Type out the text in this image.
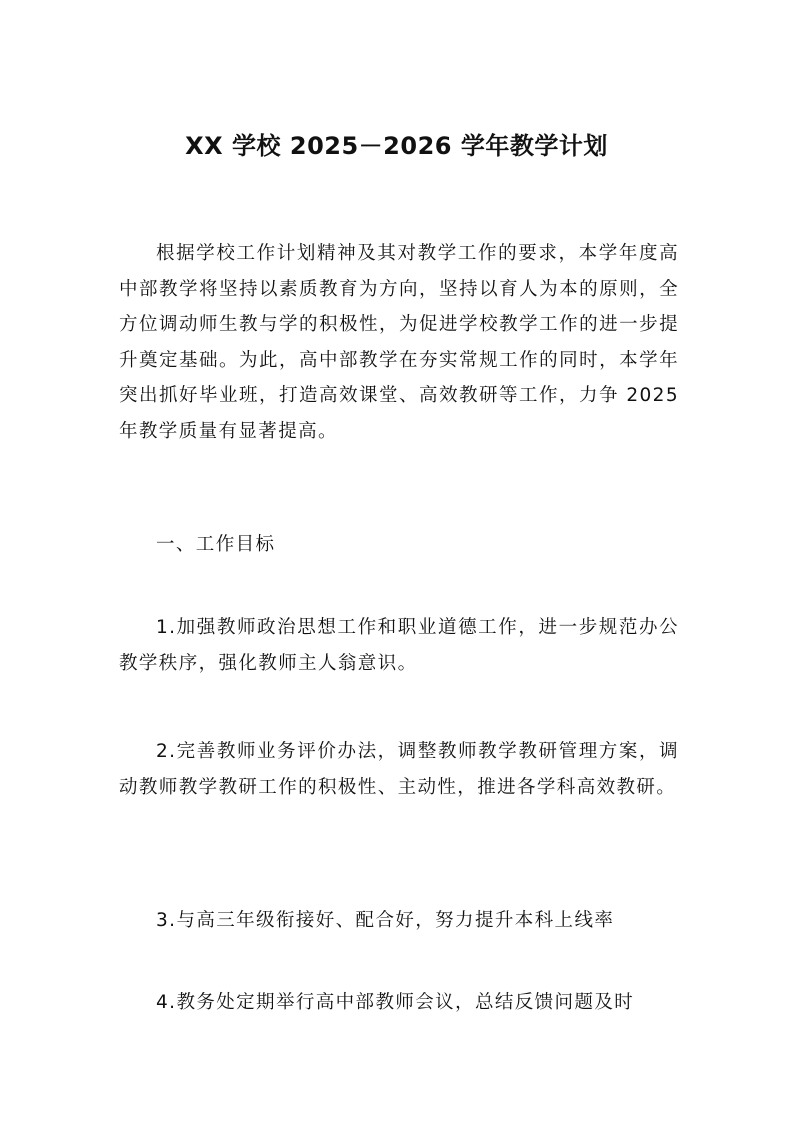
XX 学校 2025－2026 学年教学计划

根据学校工作计划精神及其对教学工作的要求，本学年度高中部教学将坚持以素质教育为方向，坚持以育人为本的原则，全方位调动师生教与学的积极性，为促进学校教学工作的进一步提升奠定基础。为此，高中部教学在夯实常规工作的同时，本学年突出抓好毕业班，打造高效课堂、高效教研等工作，力争 2025 年教学质量有显著提高。

一、工作目标

1.加强教师政治思想工作和职业道德工作，进一步规范办公教学秩序，强化教师主人翁意识。

2.完善教师业务评价办法，调整教师教学教研管理方案，调动教师教学教研工作的积极性、主动性，推进各学科高效教研。

3.与高三年级衔接好、配合好，努力提升本科上线率

4.教务处定期举行高中部教师会议，总结反馈问题及时
